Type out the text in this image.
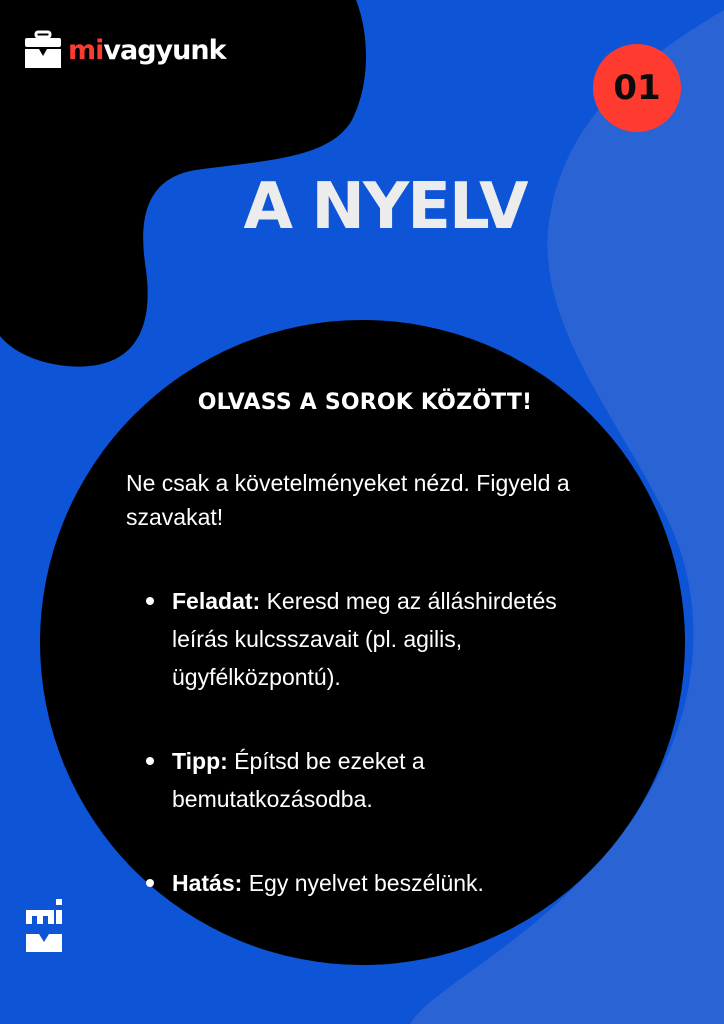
mivagyunk
01
A NYELV
OLVASS A SOROK KÖZÖTT!

Ne csak a követelményeket nézd. Figyeld a szavakat!

Feladat: Keresd meg az álláshirdetés leírás kulcsszavait (pl. agilis, ügyfélközpontú).
Tipp: Építsd be ezeket a bemutatkozásodba.
Hatás: Egy nyelvet beszélünk.
